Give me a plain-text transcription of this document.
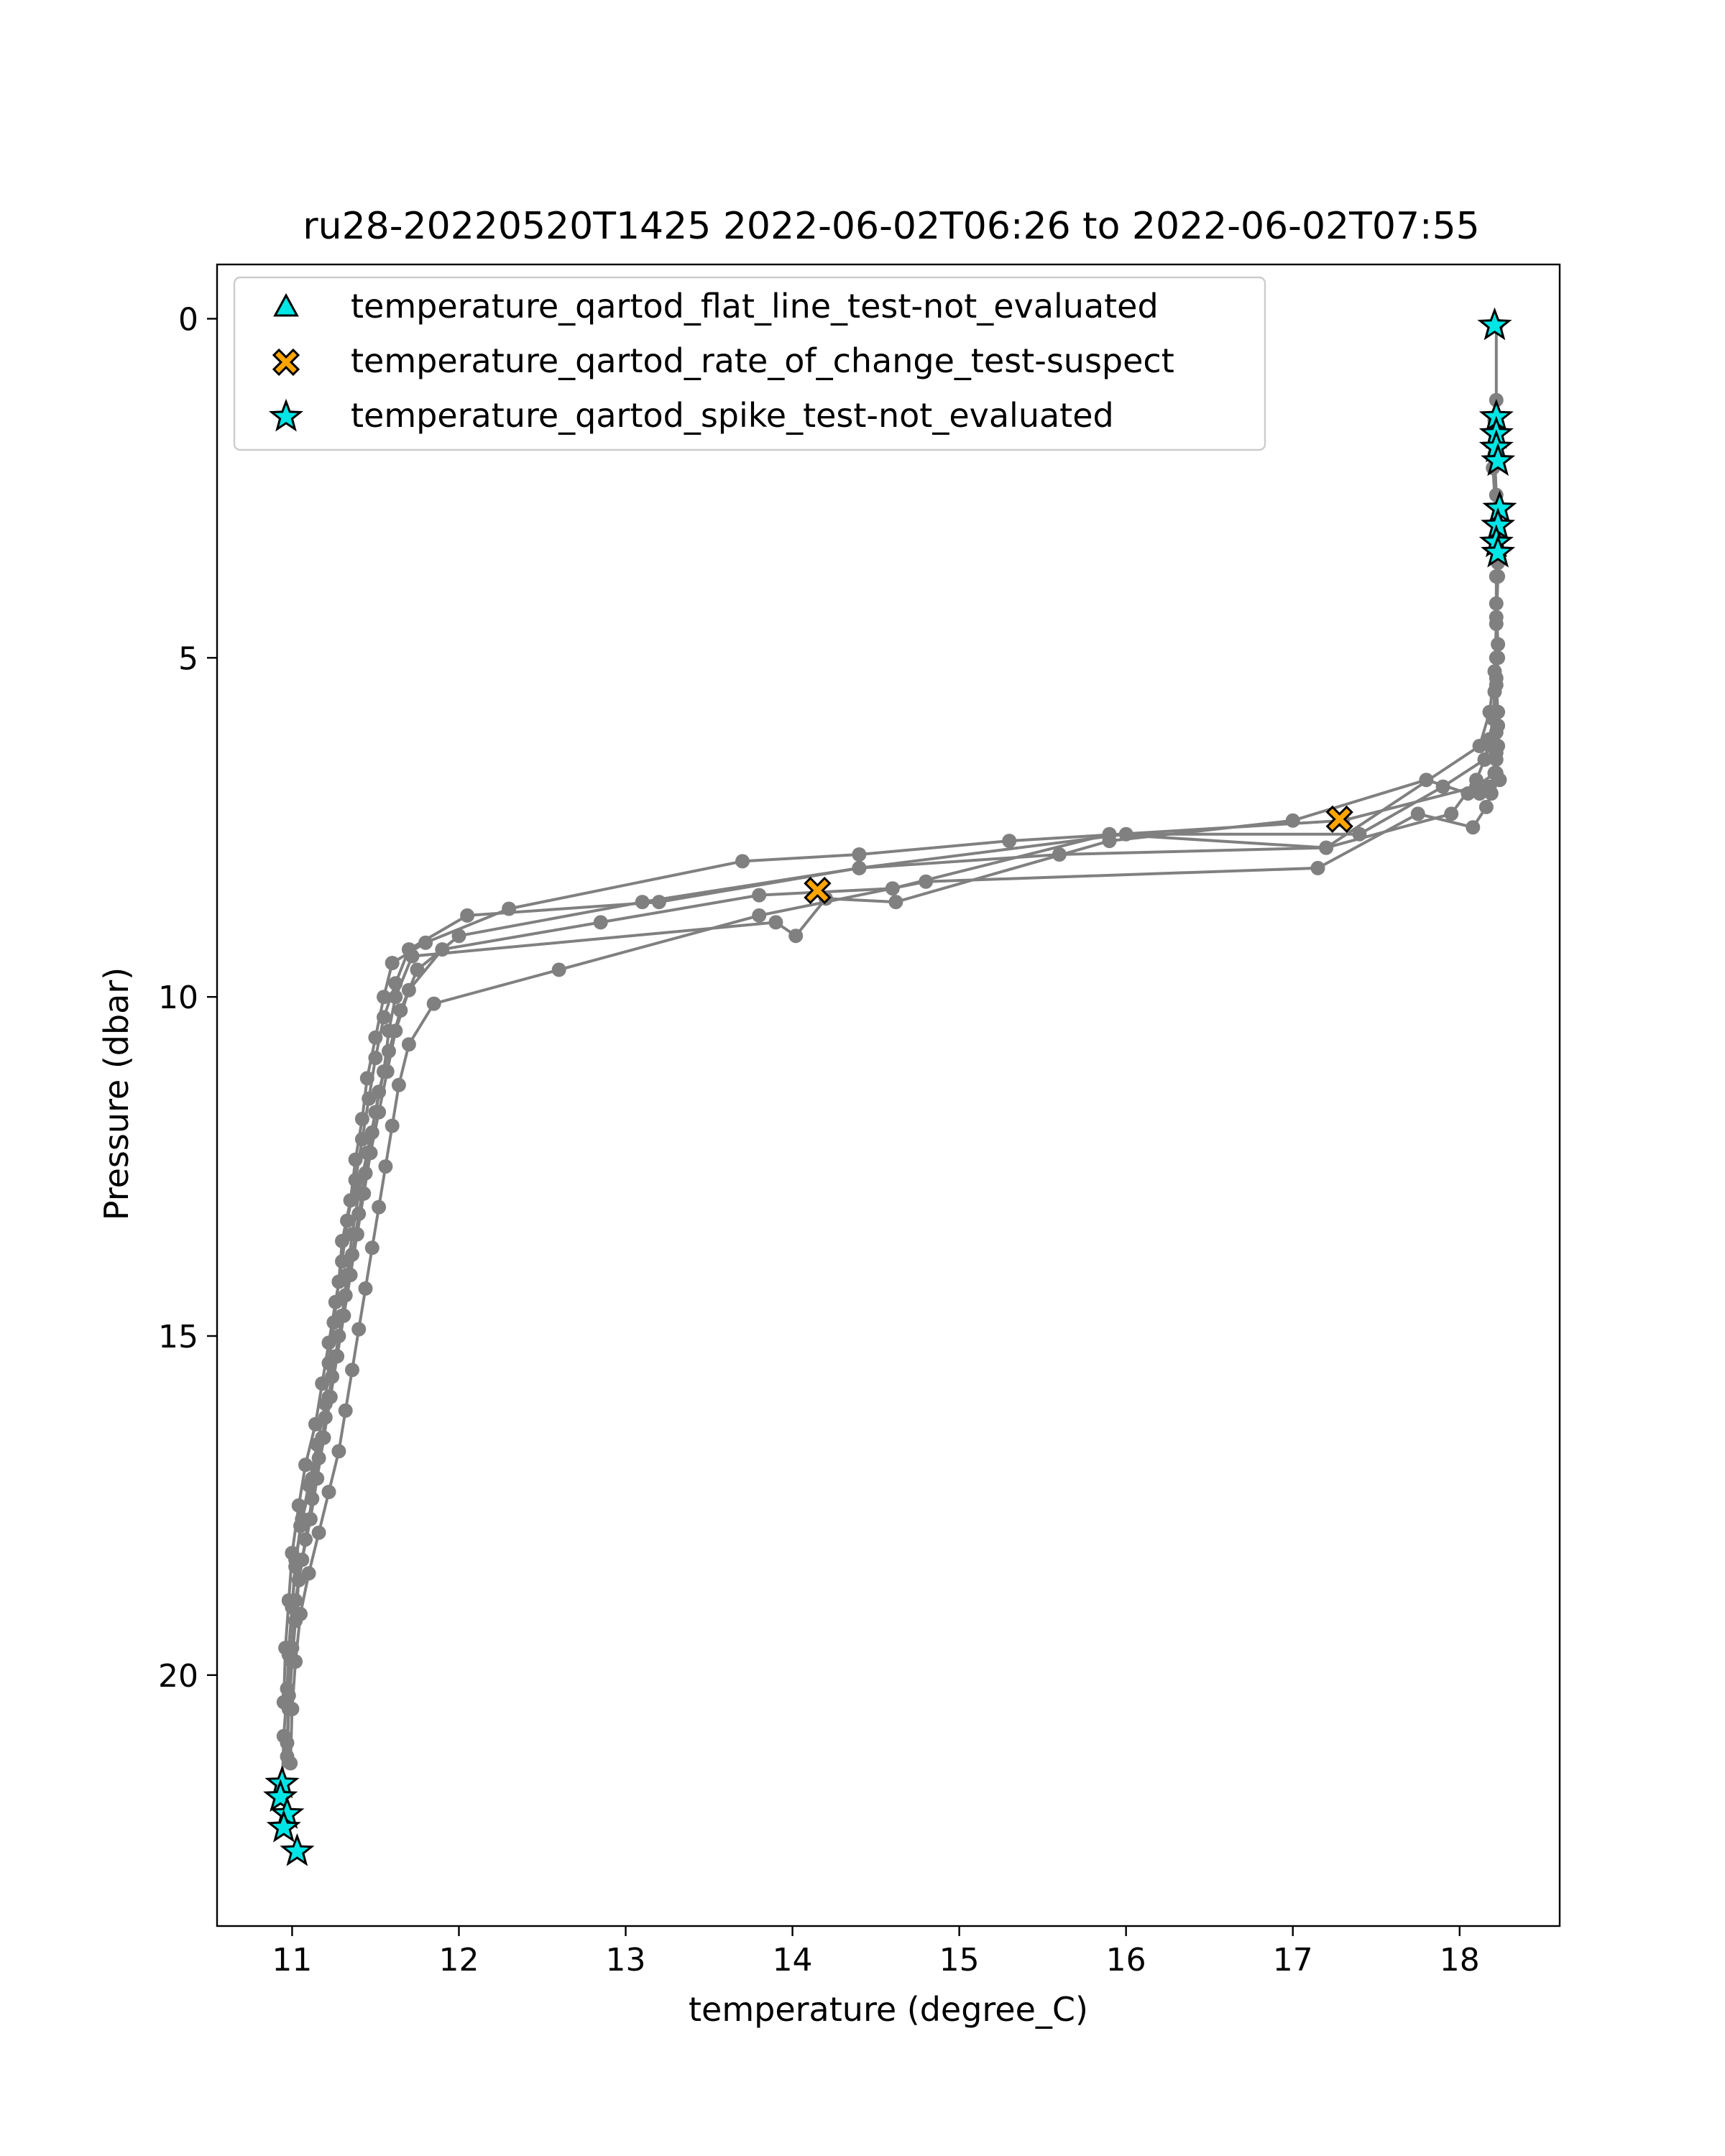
ru28-20220520T1425 2022-06-02T06:26 to 2022-06-02T07:55
11	12	13	14	15	16	17	18
0
5
10
15
20
temperature (degree_C)
Pressure (dbar)
temperature_qartod_flat_line_test-not_evaluated
temperature_qartod_rate_of_change_test-suspect
temperature_qartod_spike_test-not_evaluated
